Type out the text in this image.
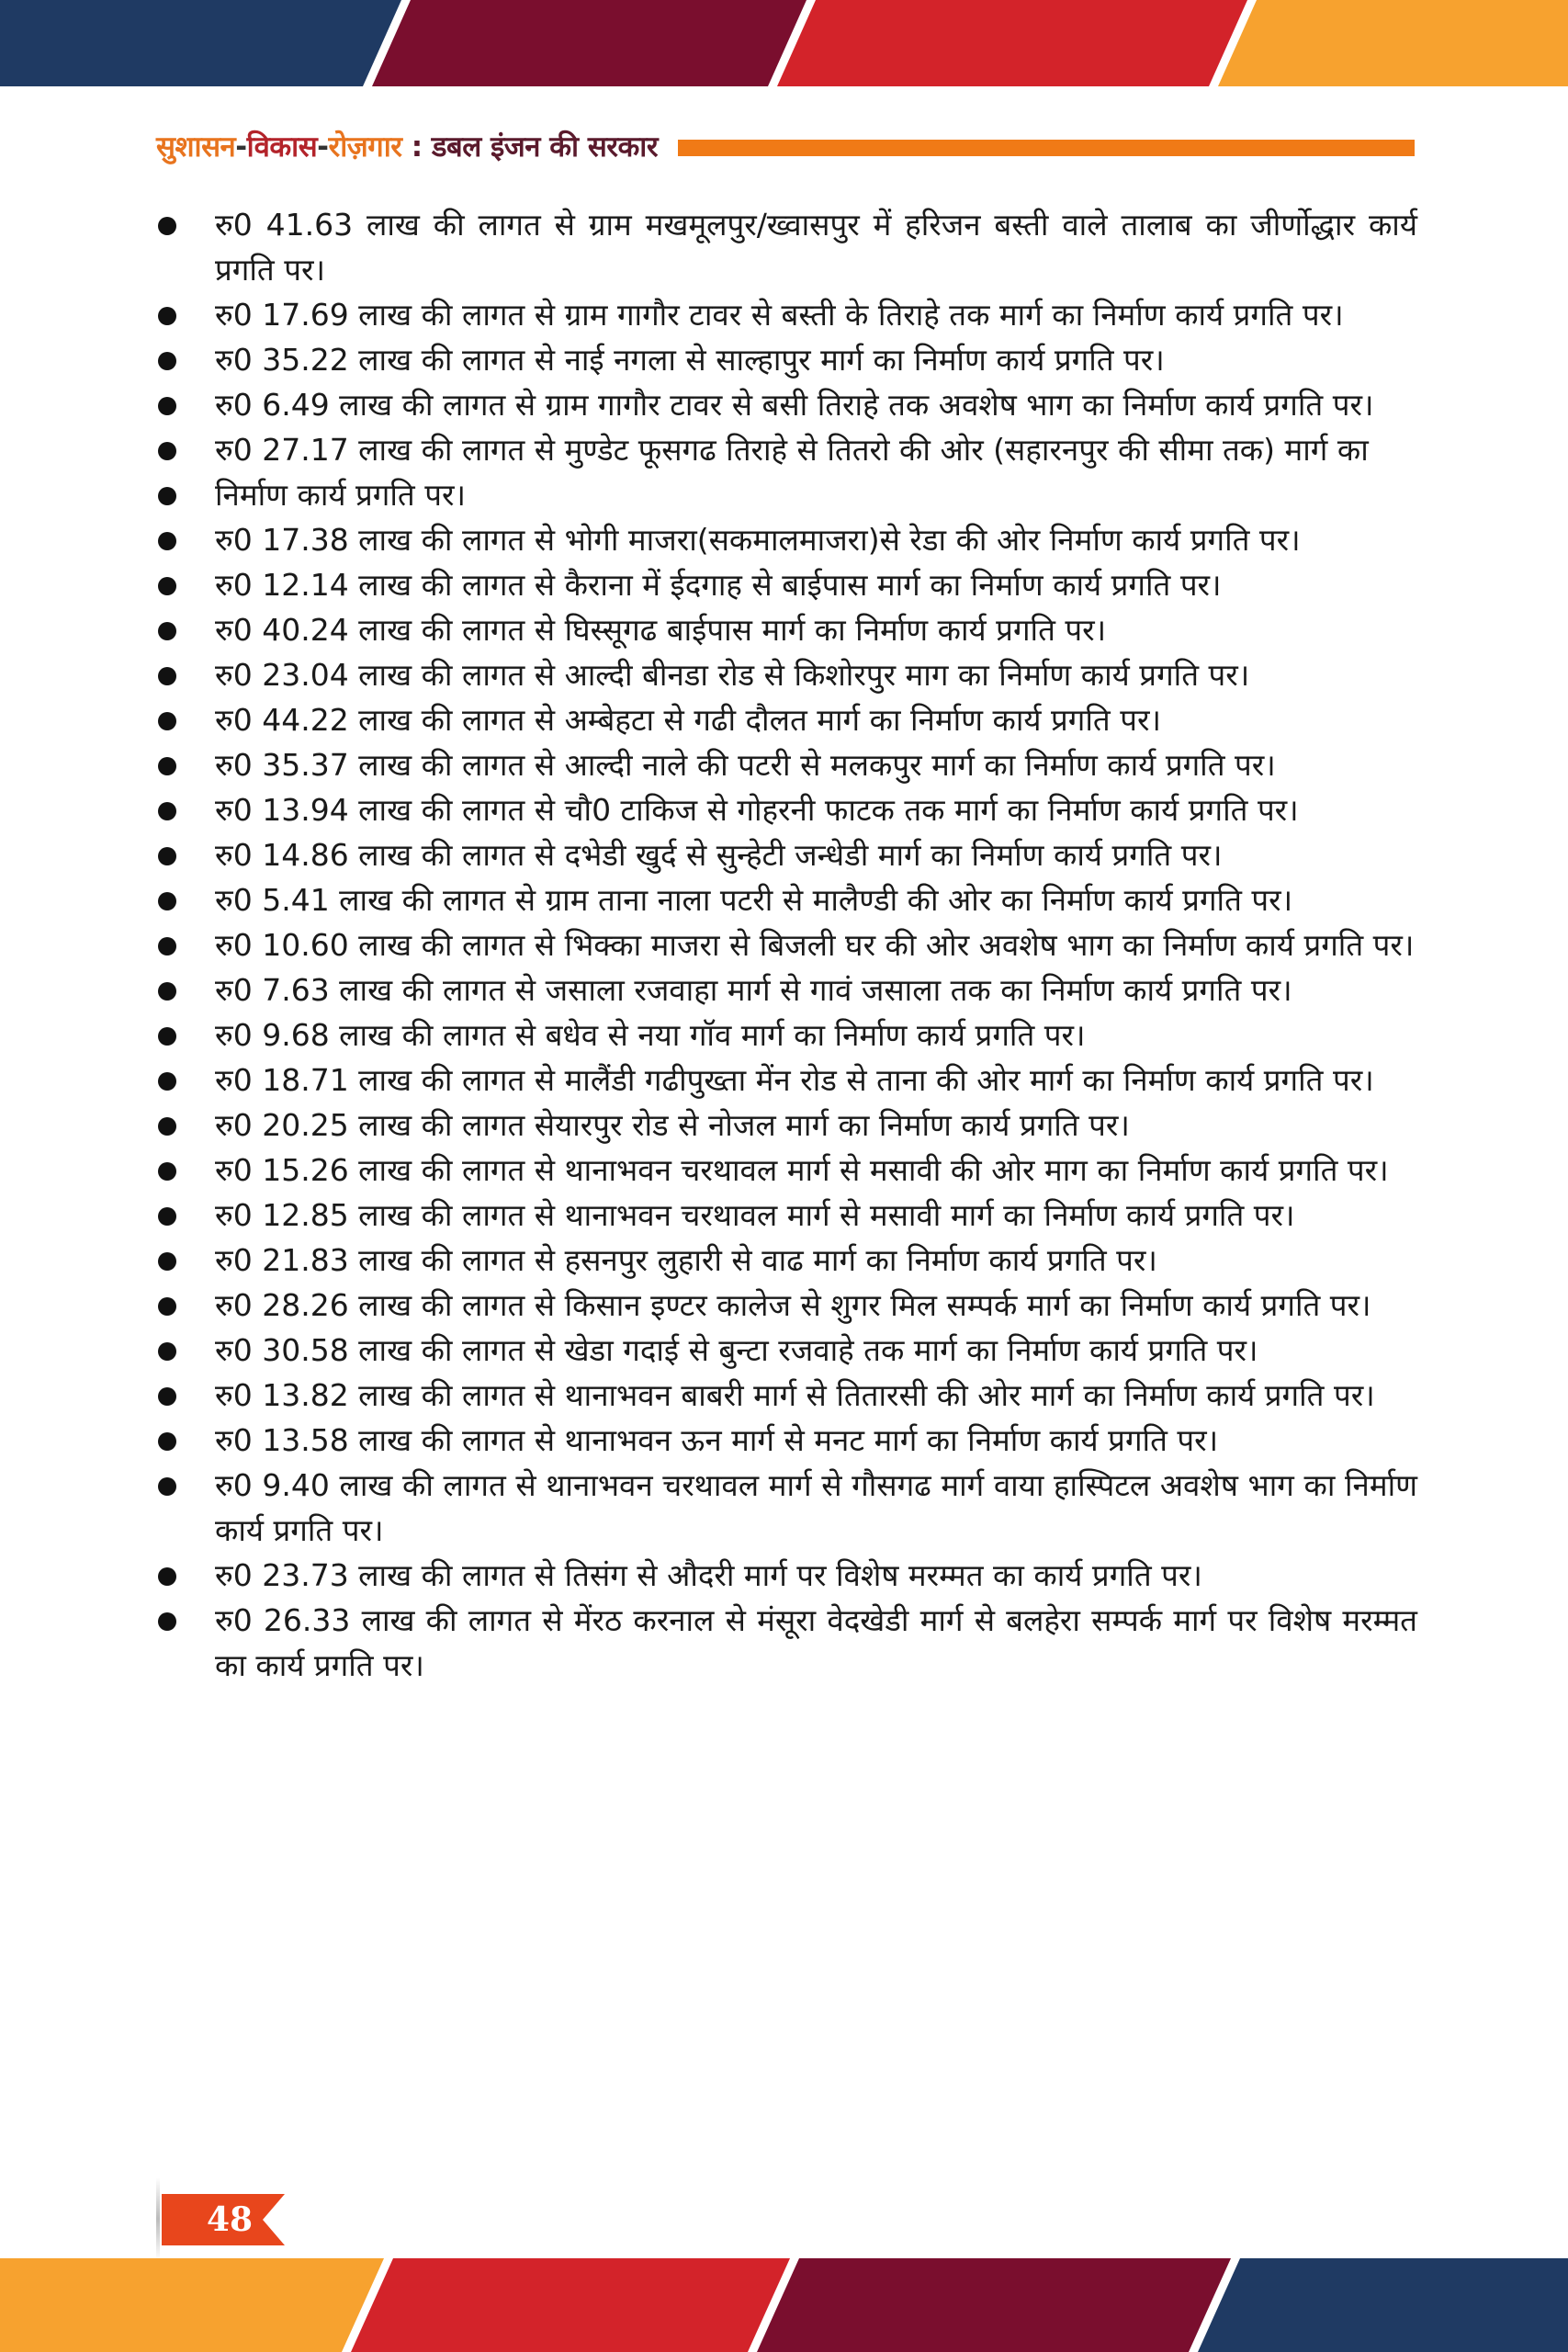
सुशासन-विकास-रोज़गार : डबल इंजन की सरकार
रु0 41.63 लाख की लागत से ग्राम मखमूलपुर/ख्वासपुर में हरिजन बस्ती वाले तालाब का जीर्णोद्धार कार्य प्रगति पर।
रु0 17.69 लाख की लागत से ग्राम गागौर टावर से बस्ती के तिराहे तक मार्ग का निर्माण कार्य प्रगति पर।
रु0 35.22 लाख की लागत से नाई नगला से साल्हापुर मार्ग का निर्माण कार्य प्रगति पर।
रु0 6.49 लाख की लागत से ग्राम गागौर टावर से बसी तिराहे तक अवशेष भाग का निर्माण कार्य प्रगति पर।
रु0 27.17 लाख की लागत से मुण्डेट फूसगढ तिराहे से तितरो की ओर (सहारनपुर की सीमा तक) मार्ग का
निर्माण कार्य प्रगति पर।
रु0 17.38 लाख की लागत से भोगी माजरा(सकमालमाजरा)से रेडा की ओर निर्माण कार्य प्रगति पर।
रु0 12.14 लाख की लागत से कैराना में ईदगाह से बाईपास मार्ग का निर्माण कार्य प्रगति पर।
रु0 40.24 लाख की लागत से घिस्सूगढ बाईपास मार्ग का निर्माण कार्य प्रगति पर।
रु0 23.04 लाख की लागत से आल्दी बीनडा रोड से किशोरपुर माग का निर्माण कार्य प्रगति पर।
रु0 44.22 लाख की लागत से अम्बेहटा से गढी दौलत मार्ग का निर्माण कार्य प्रगति पर।
रु0 35.37 लाख की लागत से आल्दी नाले की पटरी से मलकपुर मार्ग का निर्माण कार्य प्रगति पर।
रु0 13.94 लाख की लागत से चौ0 टाकिज से गोहरनी फाटक तक मार्ग का निर्माण कार्य प्रगति पर।
रु0 14.86 लाख की लागत से दभेडी खुर्द से सुन्हेटी जन्धेडी मार्ग का निर्माण कार्य प्रगति पर।
रु0 5.41 लाख की लागत से ग्राम ताना नाला पटरी से मालैण्डी की ओर का निर्माण कार्य प्रगति पर।
रु0 10.60 लाख की लागत से भिक्का माजरा से बिजली घर की ओर अवशेष भाग का निर्माण कार्य प्रगति पर।
रु0 7.63 लाख की लागत से जसाला रजवाहा मार्ग से गावं जसाला तक का निर्माण कार्य प्रगति पर।
रु0 9.68 लाख की लागत से बधेव से नया गॉव मार्ग का निर्माण कार्य प्रगति पर।
रु0 18.71 लाख की लागत से मालैंडी गढीपुख्ता मेंन रोड से ताना की ओर मार्ग का निर्माण कार्य प्रगति पर।
रु0 20.25 लाख की लागत सेयारपुर रोड से नोजल मार्ग का निर्माण कार्य प्रगति पर।
रु0 15.26 लाख की लागत से थानाभवन चरथावल मार्ग से मसावी की ओर माग का निर्माण कार्य प्रगति पर।
रु0 12.85 लाख की लागत से थानाभवन चरथावल मार्ग से मसावी मार्ग का निर्माण कार्य प्रगति पर।
रु0 21.83 लाख की लागत से हसनपुर लुहारी से वाढ मार्ग का निर्माण कार्य प्रगति पर।
रु0 28.26 लाख की लागत से किसान इण्टर कालेज से शुगर मिल सम्पर्क मार्ग का निर्माण कार्य प्रगति पर।
रु0 30.58 लाख की लागत से खेडा गदाई से बुन्टा रजवाहे तक मार्ग का निर्माण कार्य प्रगति पर।
रु0 13.82 लाख की लागत से थानाभवन बाबरी मार्ग से तितारसी की ओर मार्ग का निर्माण कार्य प्रगति पर।
रु0 13.58 लाख की लागत से थानाभवन ऊन मार्ग से मनट मार्ग का निर्माण कार्य प्रगति पर।
रु0 9.40 लाख की लागत से थानाभवन चरथावल मार्ग से गौसगढ मार्ग वाया हास्पिटल अवशेष भाग का निर्माण कार्य प्रगति पर।
रु0 23.73 लाख की लागत से तिसंग से औदरी मार्ग पर विशेष मरम्मत का कार्य प्रगति पर।
रु0 26.33 लाख की लागत से मेंरठ करनाल से मंसूरा वेदखेडी मार्ग से बलहेरा सम्पर्क मार्ग पर विशेष मरम्मत का कार्य प्रगति पर।
48
